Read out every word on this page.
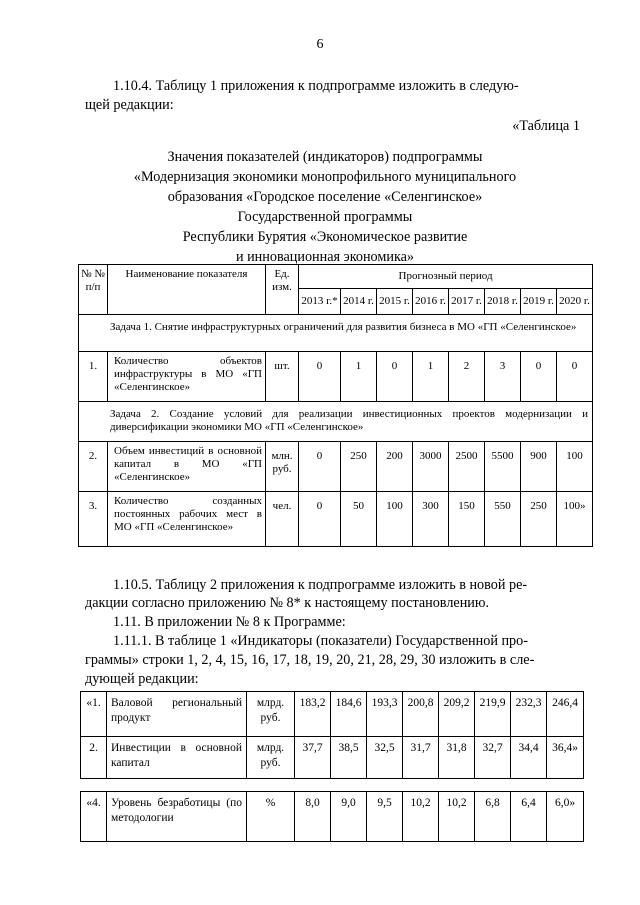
6
1.10.4. Таблицу 1 приложения к подпрограмме изложить в следую-
щей редакции:
«Таблица 1
Значения показателей (индикаторов) подпрограммы
«Модернизация экономики монопрофильного муниципального
образования «Городское поселение «Селенгинское»
Государственной программы
Республики Бурятия «Экономическое развитие
и инновационная экономика»
№ № п/п	Наименование показателя	Ед. изм.	Прогнозный период							
			2013 г.*	2014 г.	2015 г.	2016 г.	2017 г.	2018 г.	2019 г.	2020 г.
Задача 1. Снятие инфраструктурных ограничений для развития бизнеса в МО «ГП «Селенгинское»										
1.	Количество объектов инфраструктуры в МО «ГП «Селенгинское»	шт.	0	1	0	1	2	3	0	0
Задача 2. Создание условий для реализации инвестиционных проектов модернизации и диверсификации экономики МО «ГП «Селенгинское»										
2.	Объем инвестиций в основной капитал в МО «ГП «Селенгинское»	млн. руб.	0	250	200	3000	2500	5500	900	100
3.	Количество созданных постоянных рабочих мест в МО «ГП «Селенгинское»	чел.	0	50	100	300	150	550	250	100»
1.10.5. Таблицу 2 приложения к подпрограмме изложить в новой ре-
дакции согласно приложению № 8* к настоящему постановлению.
1.11. В приложении № 8 к Программе:
1.11.1. В таблице 1 «Индикаторы (показатели) Государственной про-
граммы» строки 1, 2, 4, 15, 16, 17, 18, 19, 20, 21, 28, 29, 30 изложить в сле-
дующей редакции:
«1.	Валовой региональный продукт	млрд. руб.	183,2	184,6	193,3	200,8	209,2	219,9	232,3	246,4
2.	Инвестиции в основной капитал	млрд. руб.	37,7	38,5	32,5	31,7	31,8	32,7	34,4	36,4»
«4.	Уровень безработицы (по методологии	%	8,0	9,0	9,5	10,2	10,2	6,8	6,4	6,0»
